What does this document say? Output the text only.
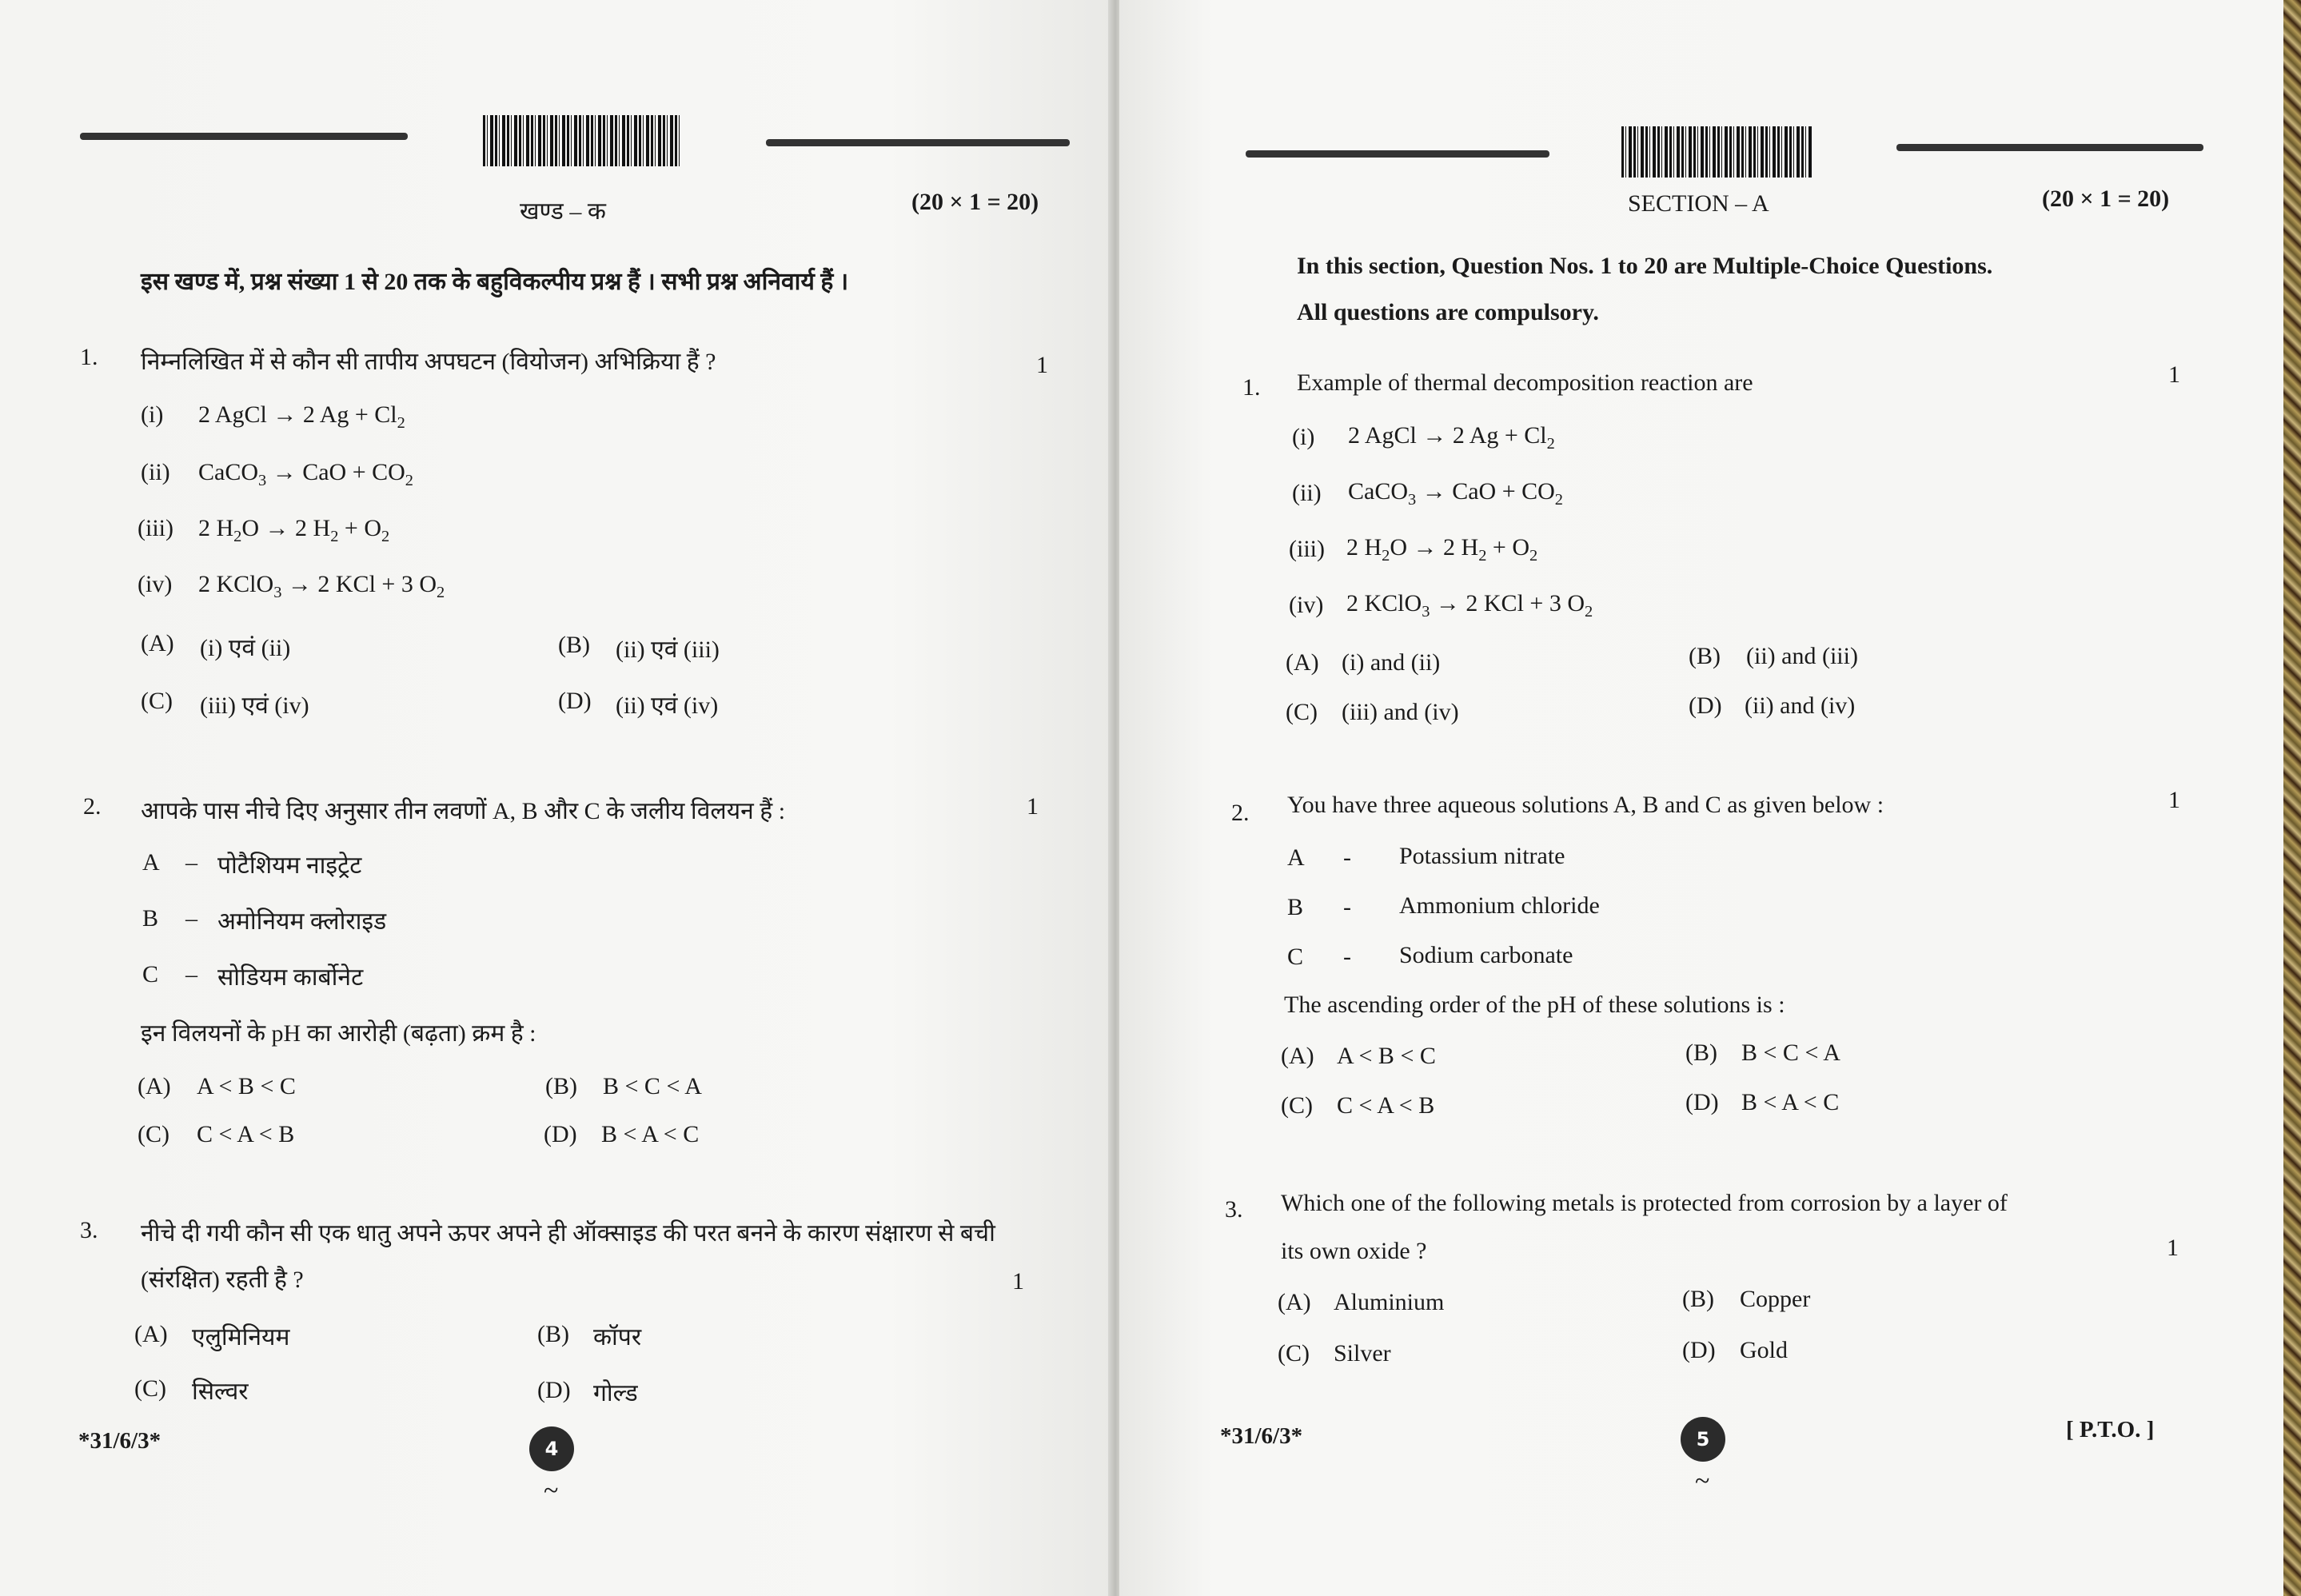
खण्ड – क	(20 × 1 = 20)
इस खण्ड में, प्रश्न संख्या 1 से 20 तक के बहुविकल्पीय प्रश्न हैं । सभी प्रश्न अनिवार्य हैं ।
1. निम्नलिखित में से कौन सी तापीय अपघटन (वियोजन) अभिक्रिया हैं ?	1
(i) 2 AgCl → 2 $Ag + Cl_2$
(ii) CaCO$_3$ → CaO + $CO_2$
(iii) 2 $H_2O \to 2$ $H_2 + O_2$
(iv) 2 KClO$_3$ → 2 KCl + 3 $O_2$
(A) (i) एवं (ii)	(B) (ii) एवं (iii)
(C) (iii) एवं (iv)	(D) (ii) एवं (iv)
2. आपके पास नीचे दिए अनुसार तीन लवणों A, B और C के जलीय विलयन हैं :	1
A – पोटैशियम नाइट्रेट
B – अमोनियम क्लोराइड
C – सोडियम कार्बोनेट
इन विलयनों के pH का आरोही (बढ़ता) क्रम है :
(A) A < B < C	(B) B < C < A
(C) C < A < B	(D) B < A < C
3. नीचे दी गयी कौन सी एक धातु अपने ऊपर अपने ही ऑक्साइड की परत बनने के कारण संक्षारण से बची
(संरक्षित) रहती है ?	1
(A) एलुमिनियम	(B) कॉपर
(C) सिल्वर	(D) गोल्ड
*31/6/3*	4
~
SECTION – A	(20 × 1 = 20)
In this section, Question Nos. 1 to 20 are Multiple-Choice Questions.
All questions are compulsory.
1. Example of thermal decomposition reaction are	1
(i) 2 AgCl → 2 $Ag + Cl_2$
(ii) CaCO$_3$ → CaO + $CO_2$
(iii) 2 $H_2O \to 2$ $H_2 + O_2$
(iv) 2 KClO$_3$ → 2 KCl + 3 $O_2$
(A) (i) and (ii)	(B) (ii) and (iii)
(C) (iii) and (iv)	(D) (ii) and (iv)
2. You have three aqueous solutions A, B and C as given below :	1
A - Potassium nitrate
B - Ammonium chloride
C - Sodium carbonate
The ascending order of the pH of these solutions is :
(A) A < B < C	(B) B < C < A
(C) C < A < B	(D) B < A < C
3. Which one of the following metals is protected from corrosion by a layer of
its own oxide ?	1
(A) Aluminium	(B) Copper
(C) Silver	(D) Gold
*31/6/3*	5	[ P.T.O. ]
~
